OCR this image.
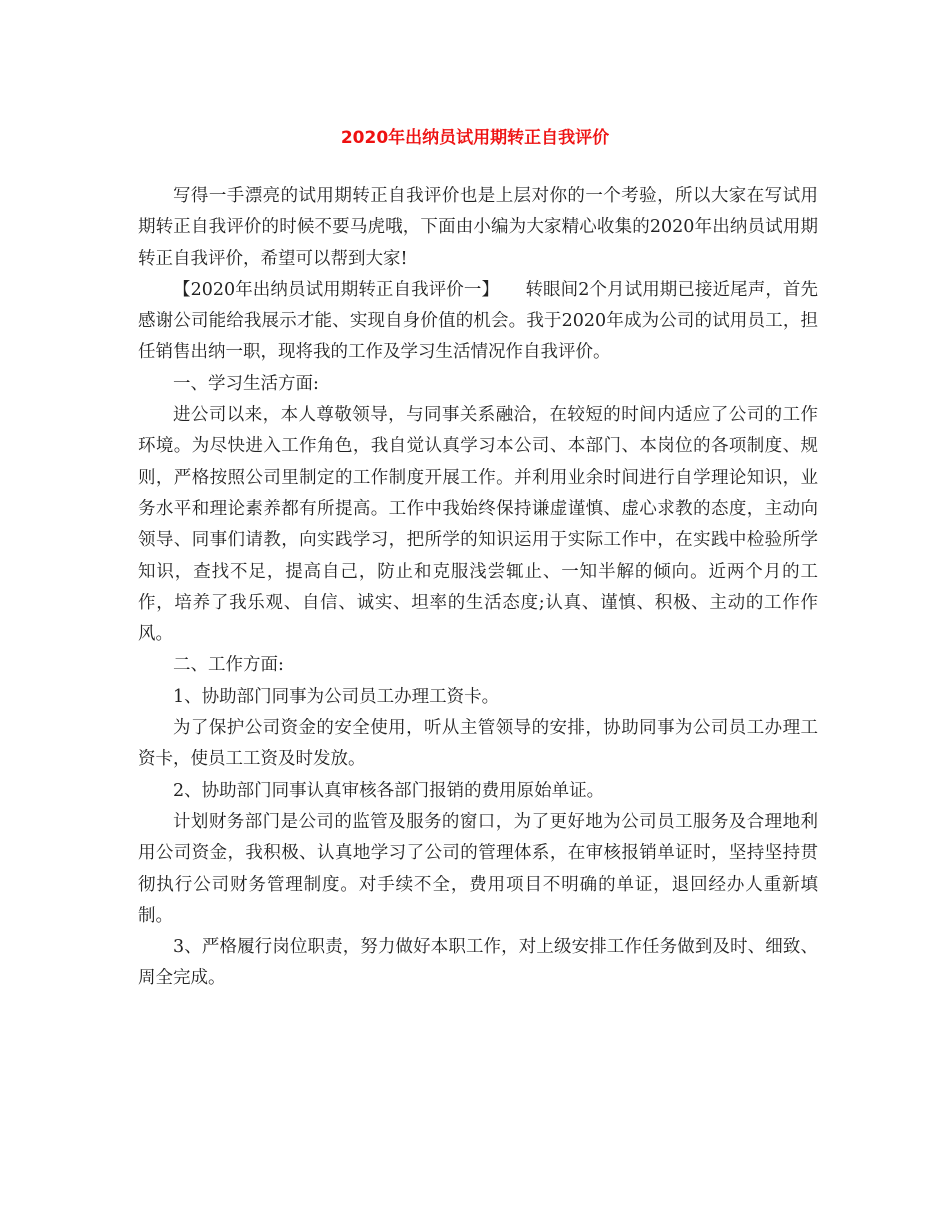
2020年出纳员试用期转正自我评价

写得一手漂亮的试用期转正自我评价也是上层对你的一个考验，所以大家在写试用期转正自我评价的时候不要马虎哦，下面由小编为大家精心收集的2020年出纳员试用期转正自我评价，希望可以帮到大家!

【2020年出纳员试用期转正自我评价一】　　转眼间2个月试用期已接近尾声，首先感谢公司能给我展示才能、实现自身价值的机会。我于2020年成为公司的试用员工，担任销售出纳一职，现将我的工作及学习生活情况作自我评价。

一、学习生活方面:

进公司以来，本人尊敬领导，与同事关系融洽，在较短的时间内适应了公司的工作环境。为尽快进入工作角色，我自觉认真学习本公司、本部门、本岗位的各项制度、规则，严格按照公司里制定的工作制度开展工作。并利用业余时间进行自学理论知识，业务水平和理论素养都有所提高。工作中我始终保持谦虚谨慎、虚心求教的态度，主动向领导、同事们请教，向实践学习，把所学的知识运用于实际工作中，在实践中检验所学知识，查找不足，提高自己，防止和克服浅尝辄止、一知半解的倾向。近两个月的工作，培养了我乐观、自信、诚实、坦率的生活态度;认真、谨慎、积极、主动的工作作风。

二、工作方面:

1、协助部门同事为公司员工办理工资卡。

为了保护公司资金的安全使用，听从主管领导的安排，协助同事为公司员工办理工资卡，使员工工资及时发放。

2、协助部门同事认真审核各部门报销的费用原始单证。

计划财务部门是公司的监管及服务的窗口，为了更好地为公司员工服务及合理地利用公司资金，我积极、认真地学习了公司的管理体系，在审核报销单证时，坚持坚持贯彻执行公司财务管理制度。对手续不全，费用项目不明确的单证，退回经办人重新填制。

3、严格履行岗位职责，努力做好本职工作，对上级安排工作任务做到及时、细致、周全完成。
